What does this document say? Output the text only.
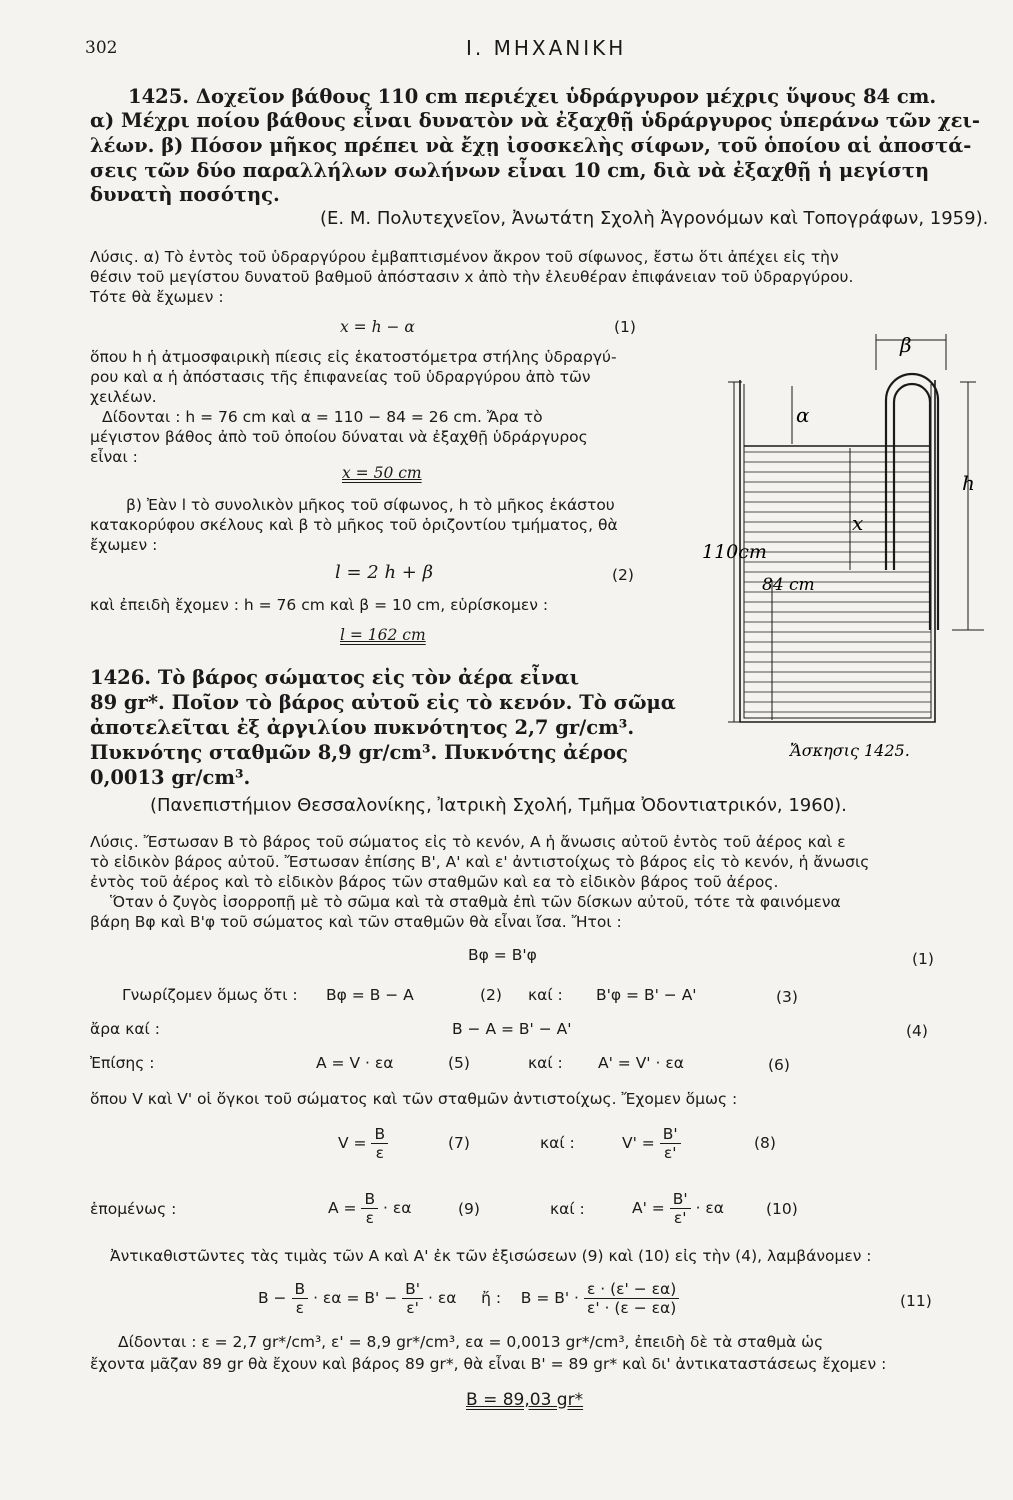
302	Ι. ΜΗΧΑΝΙΚΗ
1425. Δοχεῖον βάθους 110 cm περιέχει ὑδράργυρον μέχρις ὕψους 84 cm.
α) Μέχρι ποίου βάθους εἶναι δυνατὸν νὰ ἐξαχθῇ ὑδράργυρος ὑπεράνω τῶν χει-
λέων. β) Πόσον μῆκος πρέπει νὰ ἔχῃ ἰσοσκελὴς σίφων, τοῦ ὁποίου αἱ ἀποστά-
σεις τῶν δύο παραλλήλων σωλήνων εἶναι 10 cm, διὰ νὰ ἐξαχθῇ ἡ μεγίστη
δυνατὴ ποσότης.
(Ε. Μ. Πολυτεχνεῖον, Ἀνωτάτη Σχολὴ Ἀγρονόμων καὶ Τοπογράφων, 1959).
Λύσις. α) Τὸ ἐντὸς τοῦ ὑδραργύρου ἐμβαπτισμένον ἄκρον τοῦ σίφωνος, ἔστω ὅτι ἀπέχει εἰς τὴν
θέσιν τοῦ μεγίστου δυνατοῦ βαθμοῦ ἀπόστασιν x ἀπὸ τὴν ἐλευθέραν ἐπιφάνειαν τοῦ ὑδραργύρου.
Τότε θὰ ἔχωμεν :
x = h − α	(1)
ὅπου h ἡ ἀτμοσφαιρικὴ πίεσις εἰς ἑκατοστόμετρα στήλης ὑδραργύ-
ρου καὶ α ἡ ἀπόστασις τῆς ἐπιφανείας τοῦ ὑδραργύρου ἀπὸ τῶν
χειλέων.
Δίδονται : h = 76 cm καὶ α = 110 − 84 = 26 cm. Ἄρα τὸ
μέγιστον βάθος ἀπὸ τοῦ ὁποίου δύναται νὰ ἐξαχθῇ ὑδράργυρος
εἶναι :
x = 50 cm
β) Ἐὰν l τὸ συνολικὸν μῆκος τοῦ σίφωνος, h τὸ μῆκος ἑκάστου
κατακορύφου σκέλους καὶ β τὸ μῆκος τοῦ ὁριζοντίου τμήματος, θὰ
ἔχωμεν :
l = 2 h + β	(2)
καὶ ἐπειδὴ ἔχομεν : h = 76 cm καὶ β = 10 cm, εὑρίσκομεν :
l = 162 cm
β
α
h
x
110cm
84 cm
Ἄσκησις 1425.
1426. Τὸ βάρος σώματος εἰς τὸν ἀέρα εἶναι
89 gr*. Ποῖον τὸ βάρος αὐτοῦ εἰς τὸ κενόν. Τὸ σῶμα
ἀποτελεῖται ἐξ ἀργιλίου πυκνότητος 2,7 gr/cm³.
Πυκνότης σταθμῶν 8,9 gr/cm³. Πυκνότης ἀέρος
0,0013 gr/cm³.
(Πανεπιστήμιον Θεσσαλονίκης, Ἰατρικὴ Σχολή, Τμῆμα Ὀδοντιατρικόν, 1960).
Λύσις. Ἔστωσαν Β τὸ βάρος τοῦ σώματος εἰς τὸ κενόν, Α ἡ ἄνωσις αὐτοῦ ἐντὸς τοῦ ἀέρος καὶ ε
τὸ εἰδικὸν βάρος αὐτοῦ. Ἔστωσαν ἐπίσης Β', Α' καὶ ε' ἀντιστοίχως τὸ βάρος εἰς τὸ κενόν, ἡ ἄνωσις
ἐντὸς τοῦ ἀέρος καὶ τὸ εἰδικὸν βάρος τῶν σταθμῶν καὶ εα τὸ εἰδικὸν βάρος τοῦ ἀέρος.
Ὅταν ὁ ζυγὸς ἰσορροπῇ μὲ τὸ σῶμα καὶ τὰ σταθμὰ ἐπὶ τῶν δίσκων αὐτοῦ, τότε τὰ φαινόμενα
βάρη Βφ καὶ Β'φ τοῦ σώματος καὶ τῶν σταθμῶν θὰ εἶναι ἴσα. Ἤτοι :
Βφ = Β'φ	(1)
Γνωρίζομεν ὅμως ὅτι : Βφ = Β − Α	(2) καί : Β'φ = Β' − Α'	(3)
ἄρα καί :	Β − Α = Β' − Α'	(4)
Ἐπίσης :	Α = V · εα	(5)	καί : Α' = V' · εα	(6)
ὅπου V καὶ V' οἱ ὄγκοι τοῦ σώματος καὶ τῶν σταθμῶν ἀντιστοίχως. Ἔχομεν ὅμως :
$V = \frac{B}{\varepsilon}$	(7)	καί :	$V' = \frac{B'}{\varepsilon'}$	(8)
ἑπομένως :	$A = \frac{B}{\varepsilon} \cdot \varepsilon\alpha$	(9)	καί :	$A' = \frac{B'}{\varepsilon'} \cdot \varepsilon\alpha$	(10)
Ἀντικαθιστῶντες τὰς τιμὰς τῶν Α καὶ Α' ἐκ τῶν ἐξισώσεων (9) καὶ (10) εἰς τὴν (4), λαμβάνομεν :
$B - \frac{B}{\varepsilon} \cdot \varepsilon\alpha = B' - \frac{B'}{\varepsilon'} \cdot \varepsilon\alpha$ ἤ : $B = B' \cdot \frac{\varepsilon \cdot (\varepsilon' - \varepsilon\alpha)}{\varepsilon' \cdot (\varepsilon - \varepsilon\alpha)}$	(11)
Δίδονται : ε = 2,7 gr*/cm³, ε' = 8,9 gr*/cm³, εα = 0,0013 gr*/cm³, ἐπειδὴ δὲ τὰ σταθμὰ ὡς
ἔχοντα μᾶζαν 89 gr θὰ ἔχουν καὶ βάρος 89 gr*, θὰ εἶναι Β' = 89 gr* καὶ δι' ἀντικαταστάσεως ἔχομεν :
Β = 89,03 gr*
